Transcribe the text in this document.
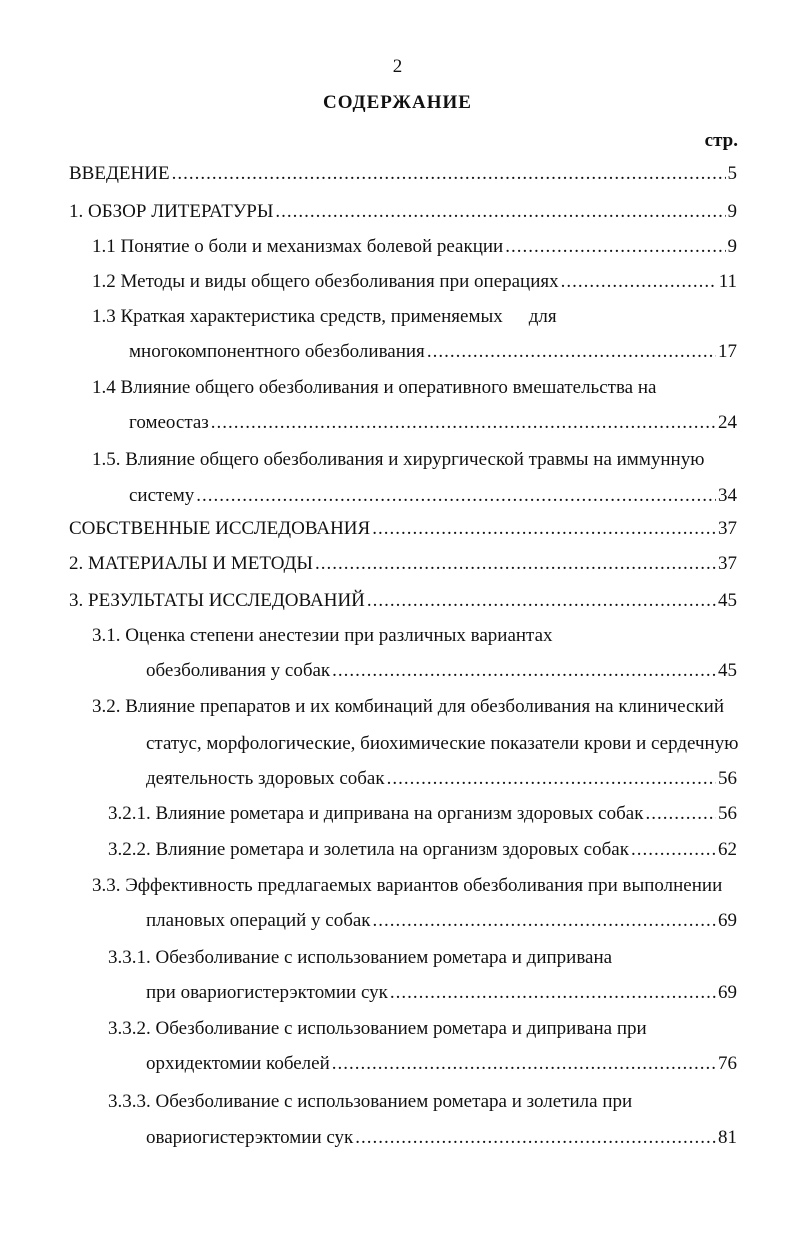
2
СОДЕРЖАНИЕ
стр.
ВВЕДЕНИЕ .....	5
1. ОБЗОР ЛИТЕРАТУРЫ .....	9
1.1 Понятие о боли и механизмах болевой реакции .....	9
1.2 Методы и виды общего обезболивания при операциях .....	11
1.3 Краткая характеристика средств, применяемых для
многокомпонентного обезболивания .....	17
1.4 Влияние общего обезболивания и оперативного вмешательства на
гомеостаз .....	24
1.5. Влияние общего обезболивания и хирургической травмы на иммунную
систему .....	34
СОБСТВЕННЫЕ ИССЛЕДОВАНИЯ .....	37
2. МАТЕРИАЛЫ И МЕТОДЫ .....	37
3. РЕЗУЛЬТАТЫ ИССЛЕДОВАНИЙ .....	45
3.1. Оценка степени анестезии при различных вариантах
обезболивания у собак .....	45
3.2. Влияние препаратов и их комбинаций для обезболивания на клинический
статус, морфологические, биохимические показатели крови и сердечную
деятельность здоровых собак .....	56
3.2.1. Влияние рометара и диприванa на организм здоровых собак .....	56
3.2.2. Влияние рометара и золетила на организм здоровых собак .....	62
3.3. Эффективность предлагаемых вариантов обезболивания при выполнении
плановых операций у собак .....	69
3.3.1. Обезболивание с использованием рометара и диприванa
при овариогистерэктомии сук .....	69
3.3.2. Обезболивание с использованием рометара и диприванa при
орхидектомии кобелей .....	76
3.3.3. Обезболивание с использованием рометара и золетила при
овариогистерэктомии сук .....	81
